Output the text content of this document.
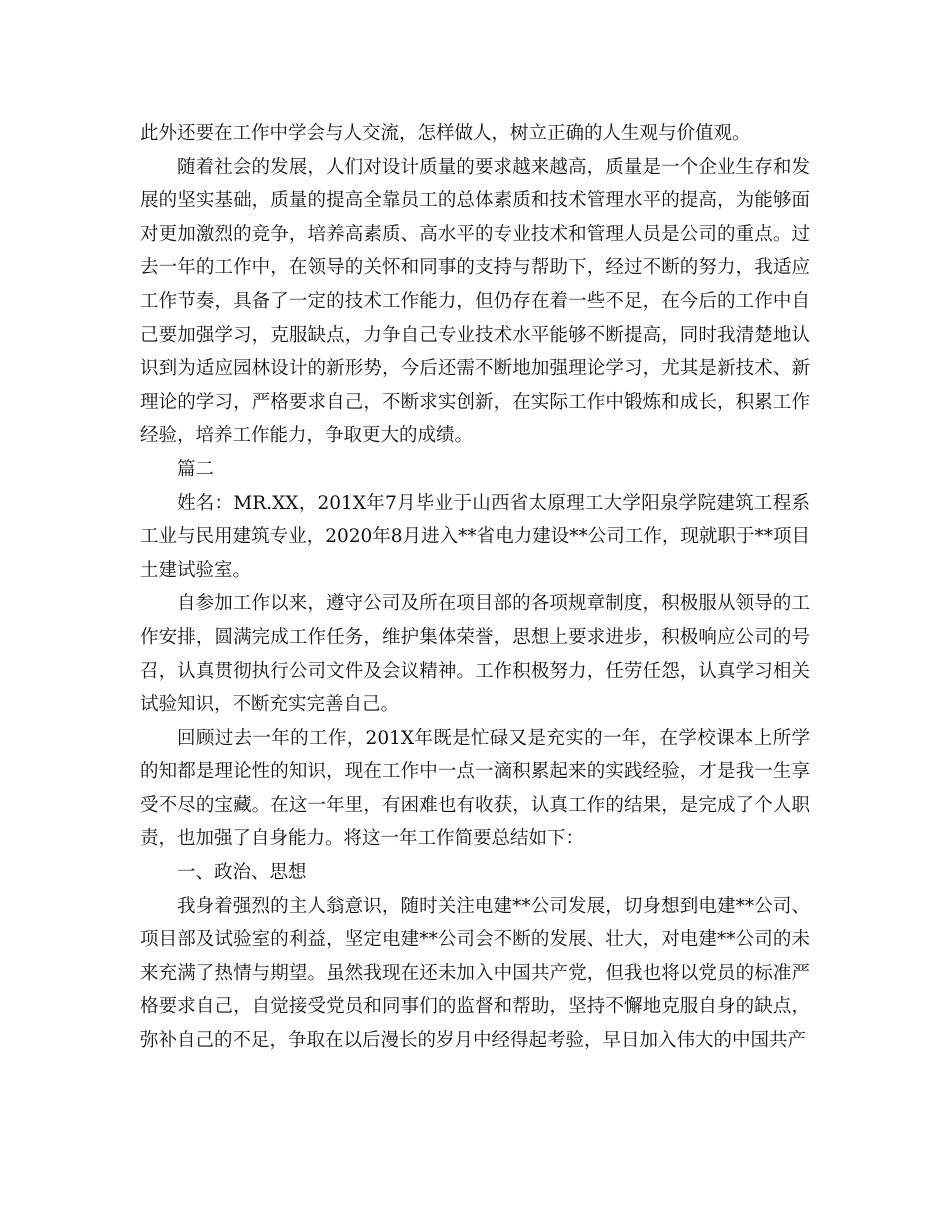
此外还要在工作中学会与人交流，怎样做人，树立正确的人生观与价值观。

随着社会的发展，人们对设计质量的要求越来越高，质量是一个企业生存和发展的坚实基础，质量的提高全靠员工的总体素质和技术管理水平的提高，为能够面对更加激烈的竞争，培养高素质、高水平的专业技术和管理人员是公司的重点。过去一年的工作中，在领导的关怀和同事的支持与帮助下，经过不断的努力，我适应工作节奏，具备了一定的技术工作能力，但仍存在着一些不足，在今后的工作中自己要加强学习，克服缺点，力争自己专业技术水平能够不断提高，同时我清楚地认识到为适应园林设计的新形势，今后还需不断地加强理论学习，尤其是新技术、新理论的学习，严格要求自己，不断求实创新，在实际工作中锻炼和成长，积累工作经验，培养工作能力，争取更大的成绩。

篇二

姓名：MR.XX，201X年7月毕业于山西省太原理工大学阳泉学院建筑工程系工业与民用建筑专业，2020年8月进入**省电力建设**公司工作，现就职于**项目土建试验室。

自参加工作以来，遵守公司及所在项目部的各项规章制度，积极服从领导的工作安排，圆满完成工作任务，维护集体荣誉，思想上要求进步，积极响应公司的号召，认真贯彻执行公司文件及会议精神。工作积极努力，任劳任怨，认真学习相关试验知识，不断充实完善自己。

回顾过去一年的工作，201X年既是忙碌又是充实的一年，在学校课本上所学的知都是理论性的知识，现在工作中一点一滴积累起来的实践经验，才是我一生享受不尽的宝藏。在这一年里，有困难也有收获，认真工作的结果，是完成了个人职责，也加强了自身能力。将这一年工作简要总结如下：

一、政治、思想

我身着强烈的主人翁意识，随时关注电建**公司发展，切身想到电建**公司、项目部及试验室的利益，坚定电建**公司会不断的发展、壮大，对电建**公司的未来充满了热情与期望。虽然我现在还未加入中国共产党，但我也将以党员的标准严格要求自己，自觉接受党员和同事们的监督和帮助，坚持不懈地克服自身的缺点，弥补自己的不足，争取在以后漫长的岁月中经得起考验，早日加入伟大的中国共产
